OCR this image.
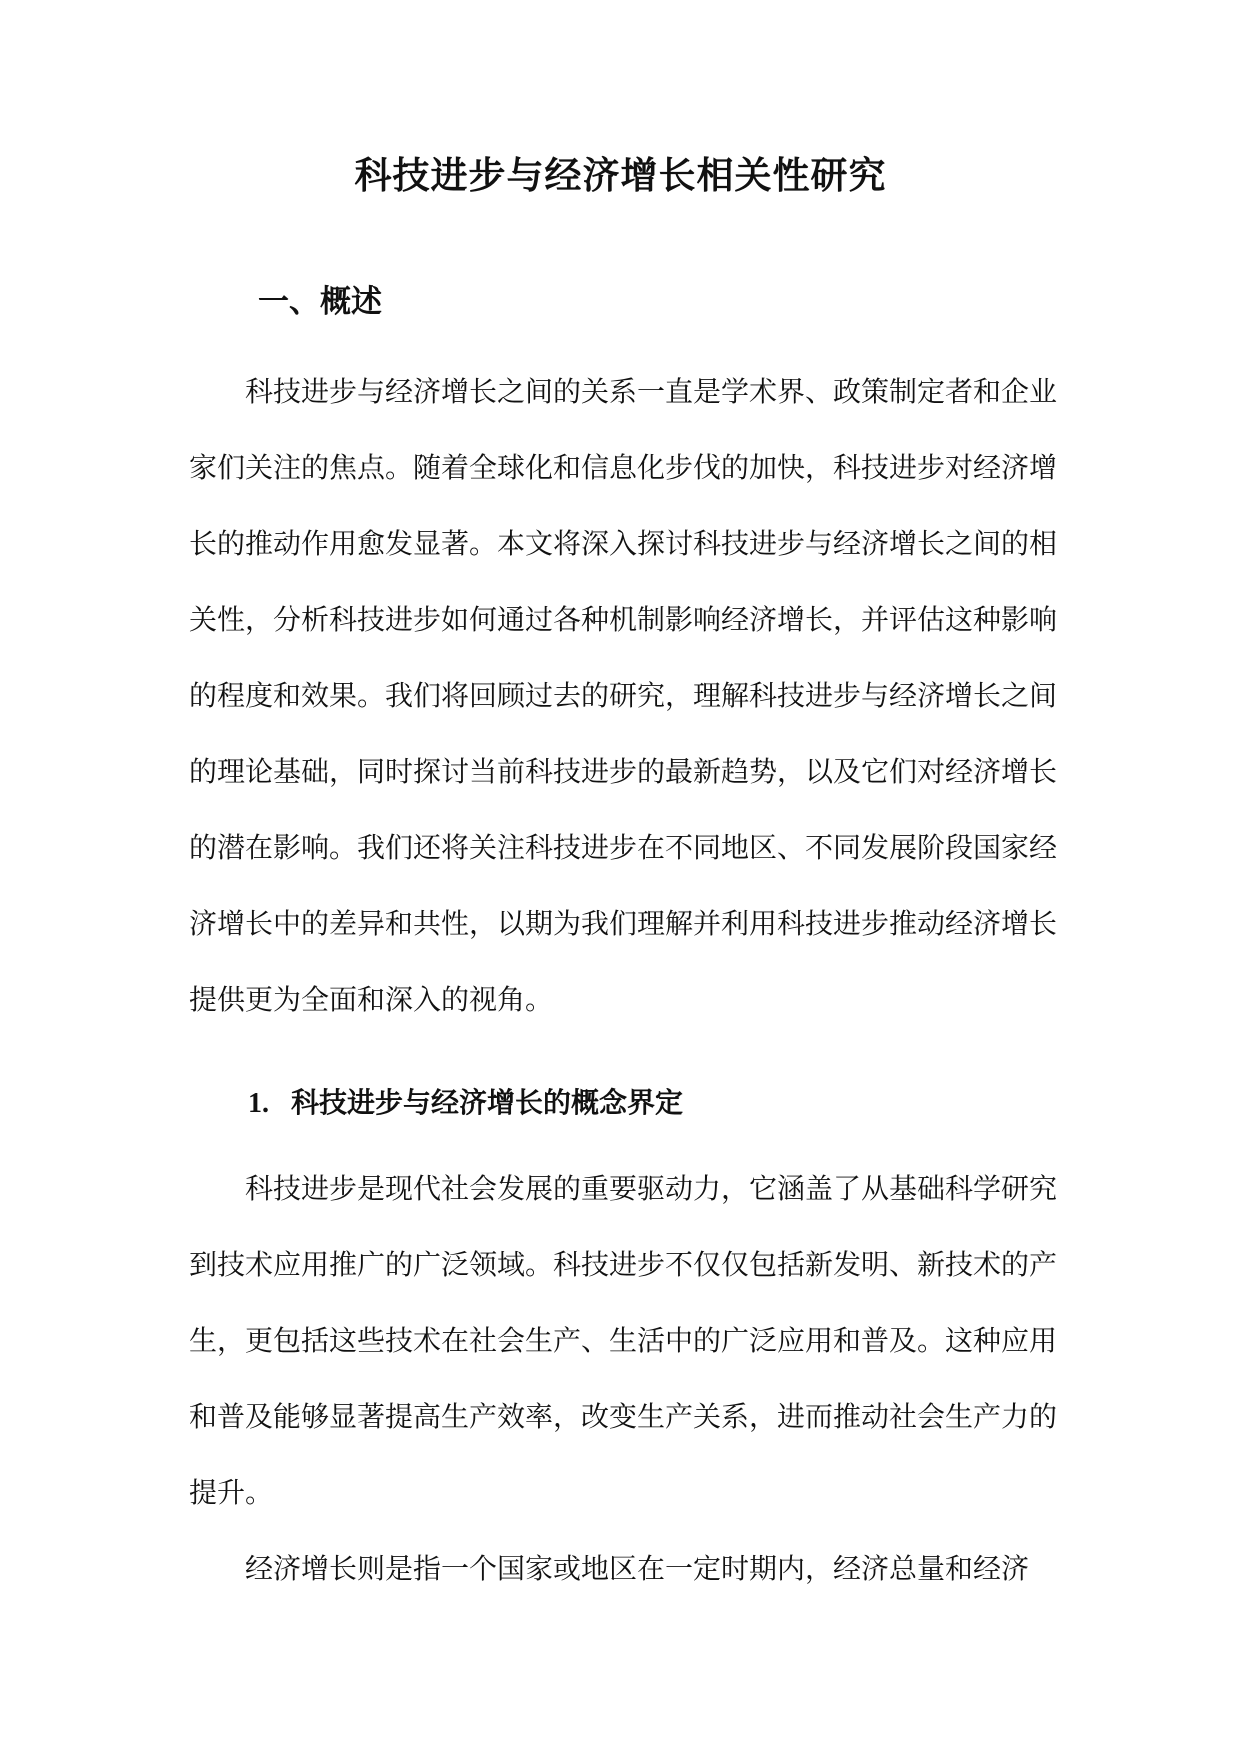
科技进步与经济增长相关性研究
一、概述

科技进步与经济增长之间的关系一直是学术界、政策制定者和企业家们关注的焦点。随着全球化和信息化步伐的加快，科技进步对经济增长的推动作用愈发显著。本文将深入探讨科技进步与经济增长之间的相关性，分析科技进步如何通过各种机制影响经济增长，并评估这种影响的程度和效果。我们将回顾过去的研究，理解科技进步与经济增长之间的理论基础，同时探讨当前科技进步的最新趋势，以及它们对经济增长的潜在影响。我们还将关注科技进步在不同地区、不同发展阶段国家经济增长中的差异和共性，以期为我们理解并利用科技进步推动经济增长提供更为全面和深入的视角。

1. 科技进步与经济增长的概念界定

科技进步是现代社会发展的重要驱动力，它涵盖了从基础科学研究到技术应用推广的广泛领域。科技进步不仅仅包括新发明、新技术的产生，更包括这些技术在社会生产、生活中的广泛应用和普及。这种应用和普及能够显著提高生产效率，改变生产关系，进而推动社会生产力的提升。

经济增长则是指一个国家或地区在一定时期内，经济总量和经济
